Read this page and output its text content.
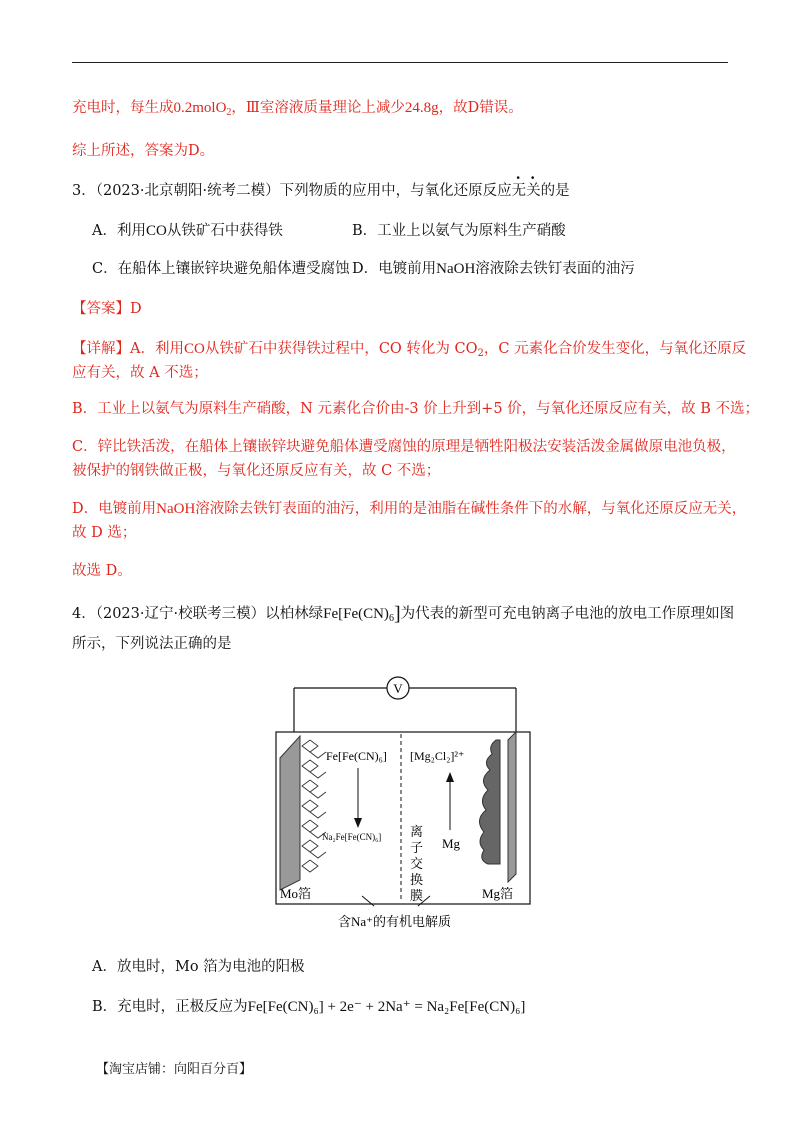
充电时，每生成0.2molO$_2$，Ⅲ室溶液质量理论上减少24.8g，故D错误。
综上所述，答案为D。
3．（2023·北京朝阳·统考二模）下列物质的应用中，与氧化还原反应无关的是
A．利用CO从铁矿石中获得铁	B．工业上以氨气为原料生产硝酸
C．在船体上镶嵌锌块避免船体遭受腐蚀 D．电镀前用NaOH溶液除去铁钉表面的油污
【答案】D
【详解】A．利用CO从铁矿石中获得铁过程中，CO 转化为 $CO_2$，C 元素化合价发生变化，与氧化还原反
应有关，故 A 不选；
B．工业上以氨气为原料生产硝酸，N 元素化合价由-3 价上升到+5 价，与氧化还原反应有关，故 B 不选；
C．锌比铁活泼，在船体上镶嵌锌块避免船体遭受腐蚀的原理是牺牲阳极法安装活泼金属做原电池负极，
被保护的钢铁做正极，与氧化还原反应有关，故 C 不选；
D．电镀前用NaOH溶液除去铁钉表面的油污，利用的是油脂在碱性条件下的水解，与氧化还原反应无关，
故 D 选；
故选 D。
4．（2023·辽宁·校联考三模）以柏林绿$Fe[Fe(CN)_6]$为代表的新型可充电钠离子电池的放电工作原理如图
所示，下列说法正确的是
V
Fe[Fe(CN)₆]
Na₂Fe[Fe(CN)₆] 离
子
交
换
膜
[Mg₂Cl₂]²⁺
Mg
Mo箔	Mg箔
含Na⁺的有机电解质
A．放电时，Mo 箔为电池的阳极
B．充电时，正极反应为Fe[Fe(CN)₆] + 2e⁻ + 2Na⁺ = Na₂Fe[Fe(CN)₆]
【淘宝店铺：向阳百分百】
